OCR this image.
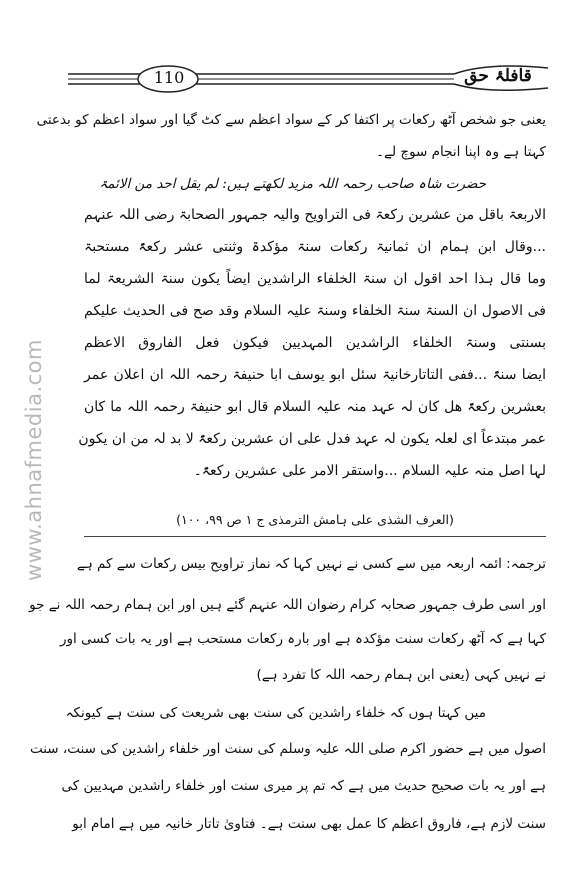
110	قافلۂ حق
www.ahnafmedia.com
یعنی جو شخص آٹھ رکعات پر اکتفا کر کے سواد اعظم سے کٹ گیا اور سواد اعظم کو بدعتی
کہتا ہے وہ اپنا انجام سوچ لے۔
حضرت شاہ صاحب رحمہ اللہ مزید لکھتے ہیں: لم یقل احد من الائمۃ
الاربعۃ باقل من عشرین رکعۃ فی التراویح والیہ جمہور الصحابۃ رضی اللہ عنہم
...وقال ابن ہمام ان ثمانیۃ رکعات سنۃ مؤکدۃ وثنتی عشر رکعۃً مستحبۃ
وما قال ہذا احد اقول ان سنۃ الخلفاء الراشدین ایضاً یکون سنۃ الشریعۃ لما
فی الاصول ان السنۃ سنۃ الخلفاء وسنۃ علیہ السلام وقد صح فی الحدیث علیکم
بسنتی وسنۃ الخلفاء الراشدین المہدیین فیکون فعل الفاروق الاعظم
ایضا سنۃً ...ففی التاتارخانیۃ سئل ابو یوسف ابا حنیفۃ رحمہ اللہ ان اعلان عمر
بعشرین رکعۃً ھل کان لہ عہد منہ علیہ السلام قال ابو حنیفۃ رحمہ اللہ ما کان
عمر مبتدعاً ای لعلہ یکون لہ عہد فدل علی ان عشرین رکعۃً لا بد لہ من ان یکون
لہا اصل منہ علیہ السلام ...واستقر الامر علی عشرین رکعۃً۔
(العرف الشذی علی ہامش الترمذی ج ۱ ص ۹۹، ۱۰۰)
ترجمہ: ائمہ اربعہ میں سے کسی نے نہیں کہا کہ نماز تراویح بیس رکعات سے کم ہے
اور اسی طرف جمہور صحابہ کرام رضوان اللہ عنہم گئے ہیں اور ابن ہمام رحمہ اللہ نے جو
کہا ہے کہ آٹھ رکعات سنت مؤکدہ ہے اور بارہ رکعات مستحب ہے اور یہ بات کسی اور
نے نہیں کہی (یعنی ابن ہمام رحمہ اللہ کا تفرد ہے)
میں کہتا ہوں کہ خلفاء راشدین کی سنت بھی شریعت کی سنت ہے کیونکہ
اصول میں ہے حضور اکرم صلی اللہ علیہ وسلم کی سنت اور خلفاء راشدین کی سنت، سنت
ہے اور یہ بات صحیح حدیث میں ہے کہ تم پر میری سنت اور خلفاء راشدین مہدیین کی
سنت لازم ہے، فاروق اعظم کا عمل بھی سنت ہے۔ فتاویٰ تاتار خانیہ میں ہے امام ابو
